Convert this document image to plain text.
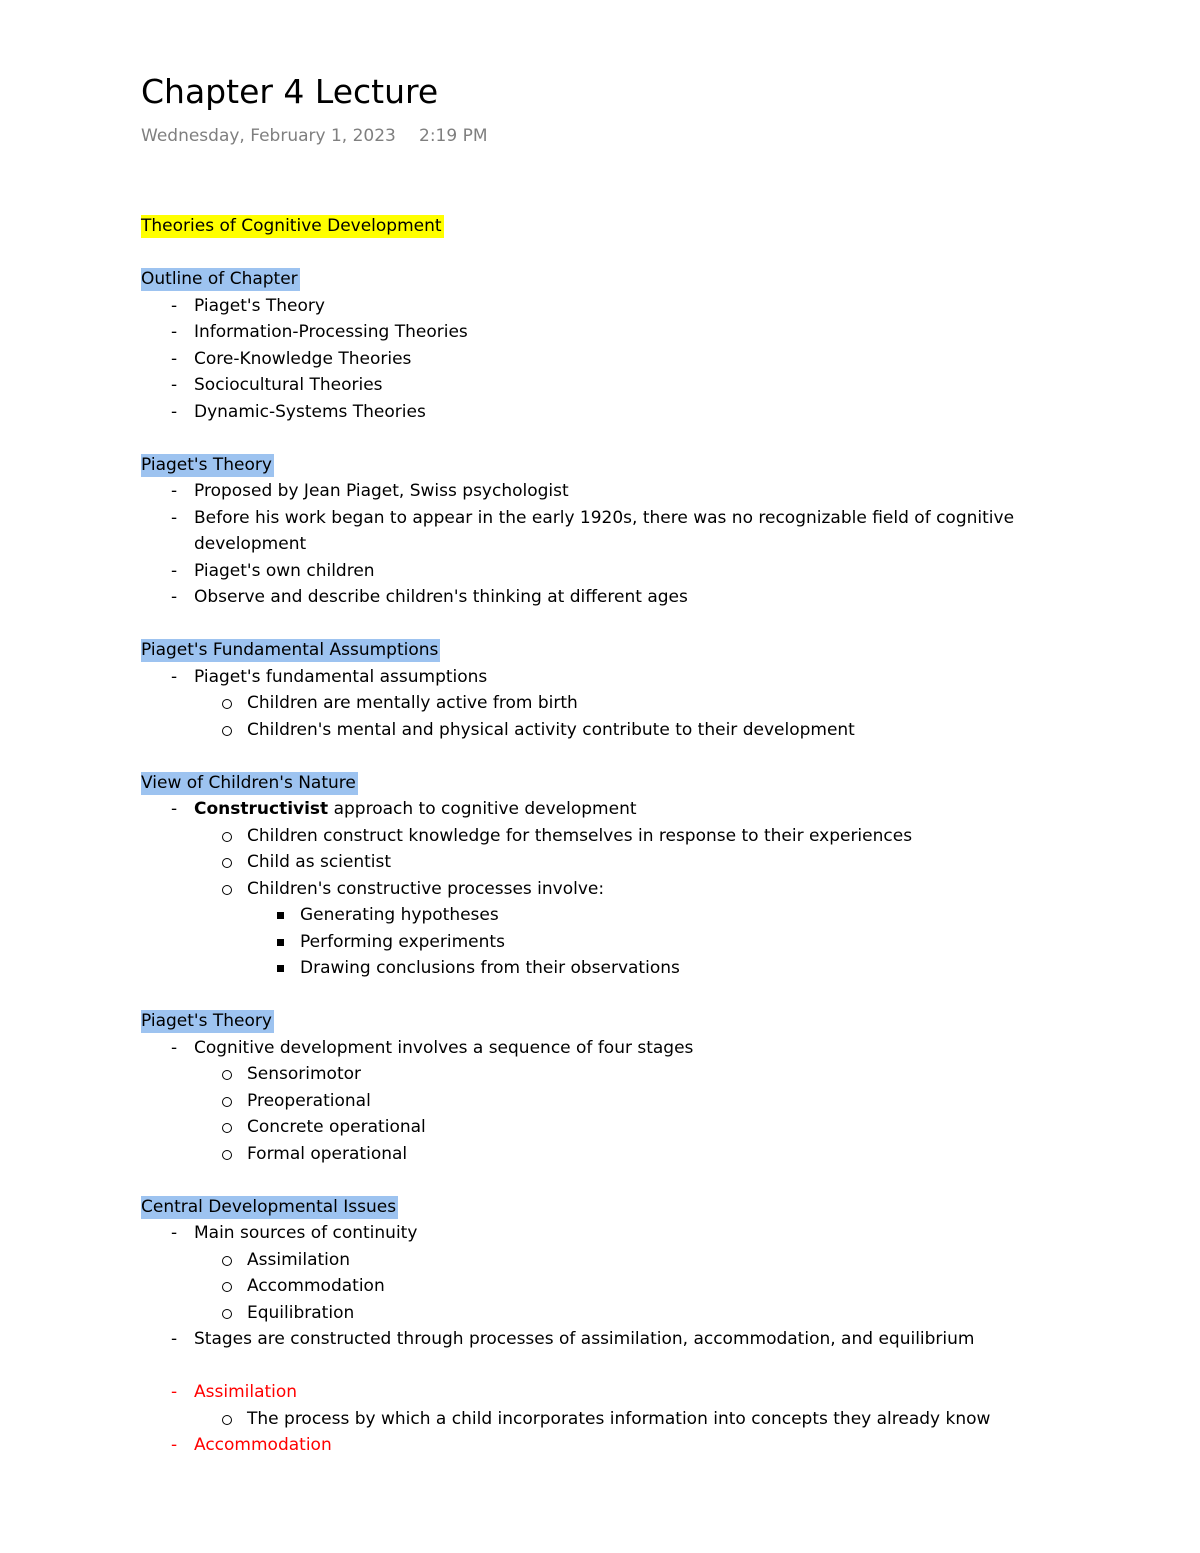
Chapter 4 Lecture
Wednesday, February 1, 2023 2:19 PM

Theories of Cognitive Development

Outline of Chapter

- Piaget's Theory
- Information-Processing Theories
- Core-Knowledge Theories
- Sociocultural Theories
- Dynamic-Systems Theories

Piaget's Theory

- Proposed by Jean Piaget, Swiss psychologist
- Before his work began to appear in the early 1920s, there was no recognizable field of cognitive development
- Piaget's own children
- Observe and describe children's thinking at different ages

Piaget's Fundamental Assumptions

- Piaget's fundamental assumptions
Children are mentally active from birth
Children's mental and physical activity contribute to their development

View of Children's Nature

- Constructivist approach to cognitive development
Children construct knowledge for themselves in response to their experiences
Child as scientist
Children's constructive processes involve:
Generating hypotheses
Performing experiments
Drawing conclusions from their observations

Piaget's Theory

- Cognitive development involves a sequence of four stages
Sensorimotor
Preoperational
Concrete operational
Formal operational

Central Developmental Issues

- Main sources of continuity
Assimilation
Accommodation
Equilibration
- Stages are constructed through processes of assimilation, accommodation, and equilibrium
- Assimilation
The process by which a child incorporates information into concepts they already know
- Accommodation
